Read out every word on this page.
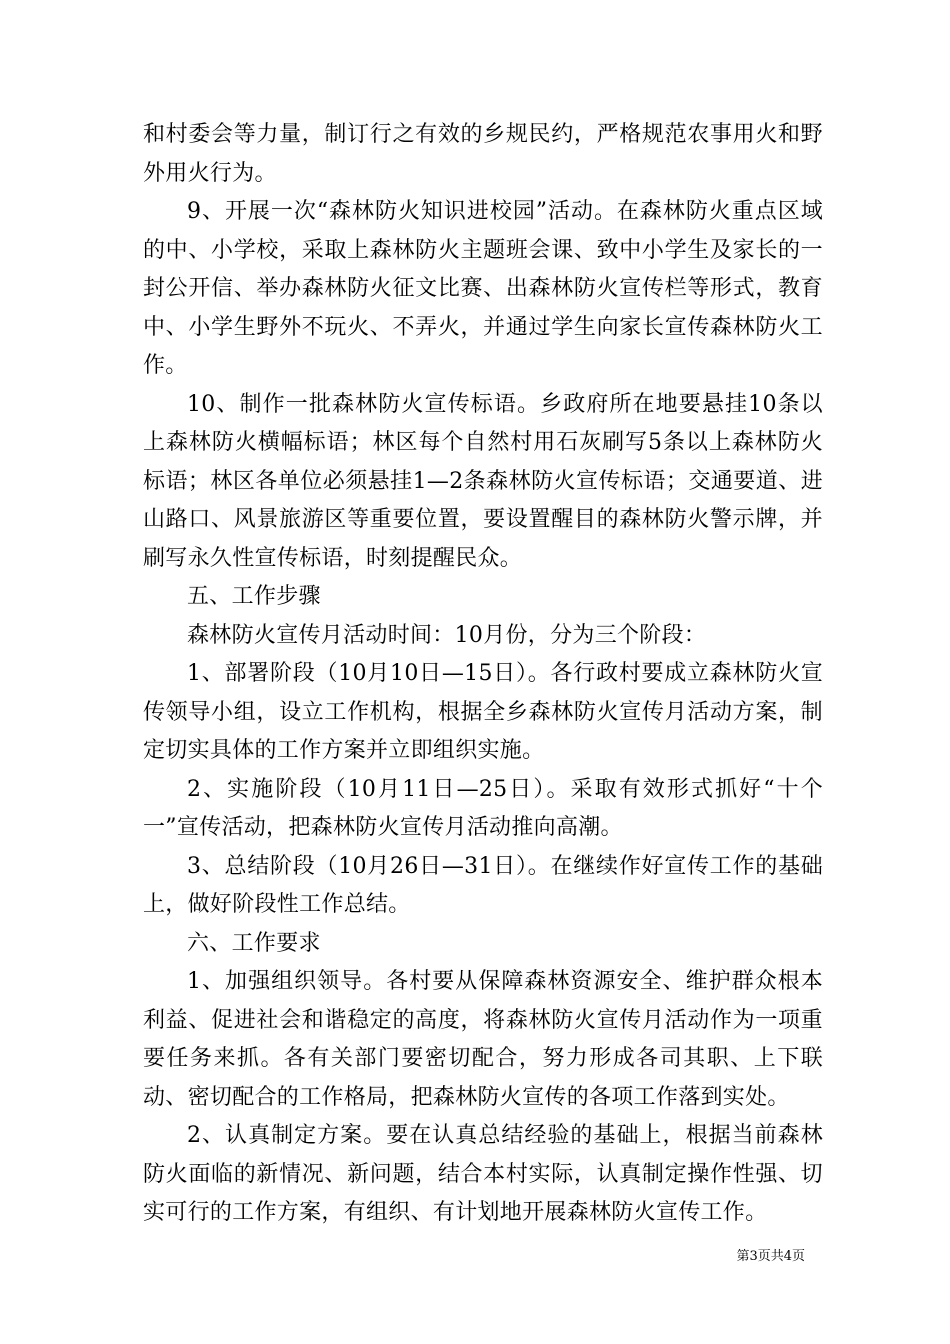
和村委会等力量，制订行之有效的乡规民约，严格规范农事用火和野外用火行为。

9、开展一次“森林防火知识进校园”活动。在森林防火重点区域的中、小学校，采取上森林防火主题班会课、致中小学生及家长的一封公开信、举办森林防火征文比赛、出森林防火宣传栏等形式，教育中、小学生野外不玩火、不弄火，并通过学生向家长宣传森林防火工作。

10、制作一批森林防火宣传标语。乡政府所在地要悬挂10条以上森林防火横幅标语；林区每个自然村用石灰刷写5条以上森林防火标语；林区各单位必须悬挂1—2条森林防火宣传标语；交通要道、进山路口、风景旅游区等重要位置，要设置醒目的森林防火警示牌，并刷写永久性宣传标语，时刻提醒民众。

五、工作步骤

森林防火宣传月活动时间：10月份，分为三个阶段：

1、部署阶段（10月10日—15日）。各行政村要成立森林防火宣传领导小组，设立工作机构，根据全乡森林防火宣传月活动方案，制定切实具体的工作方案并立即组织实施。

2、实施阶段（10月11日—25日）。采取有效形式抓好“十个一”宣传活动，把森林防火宣传月活动推向高潮。

3、总结阶段（10月26日—31日）。在继续作好宣传工作的基础上，做好阶段性工作总结。

六、工作要求

1、加强组织领导。各村要从保障森林资源安全、维护群众根本利益、促进社会和谐稳定的高度，将森林防火宣传月活动作为一项重要任务来抓。各有关部门要密切配合，努力形成各司其职、上下联动、密切配合的工作格局，把森林防火宣传的各项工作落到实处。

2、认真制定方案。要在认真总结经验的基础上，根据当前森林防火面临的新情况、新问题，结合本村实际，认真制定操作性强、切实可行的工作方案，有组织、有计划地开展森林防火宣传工作。

第3页共4页
